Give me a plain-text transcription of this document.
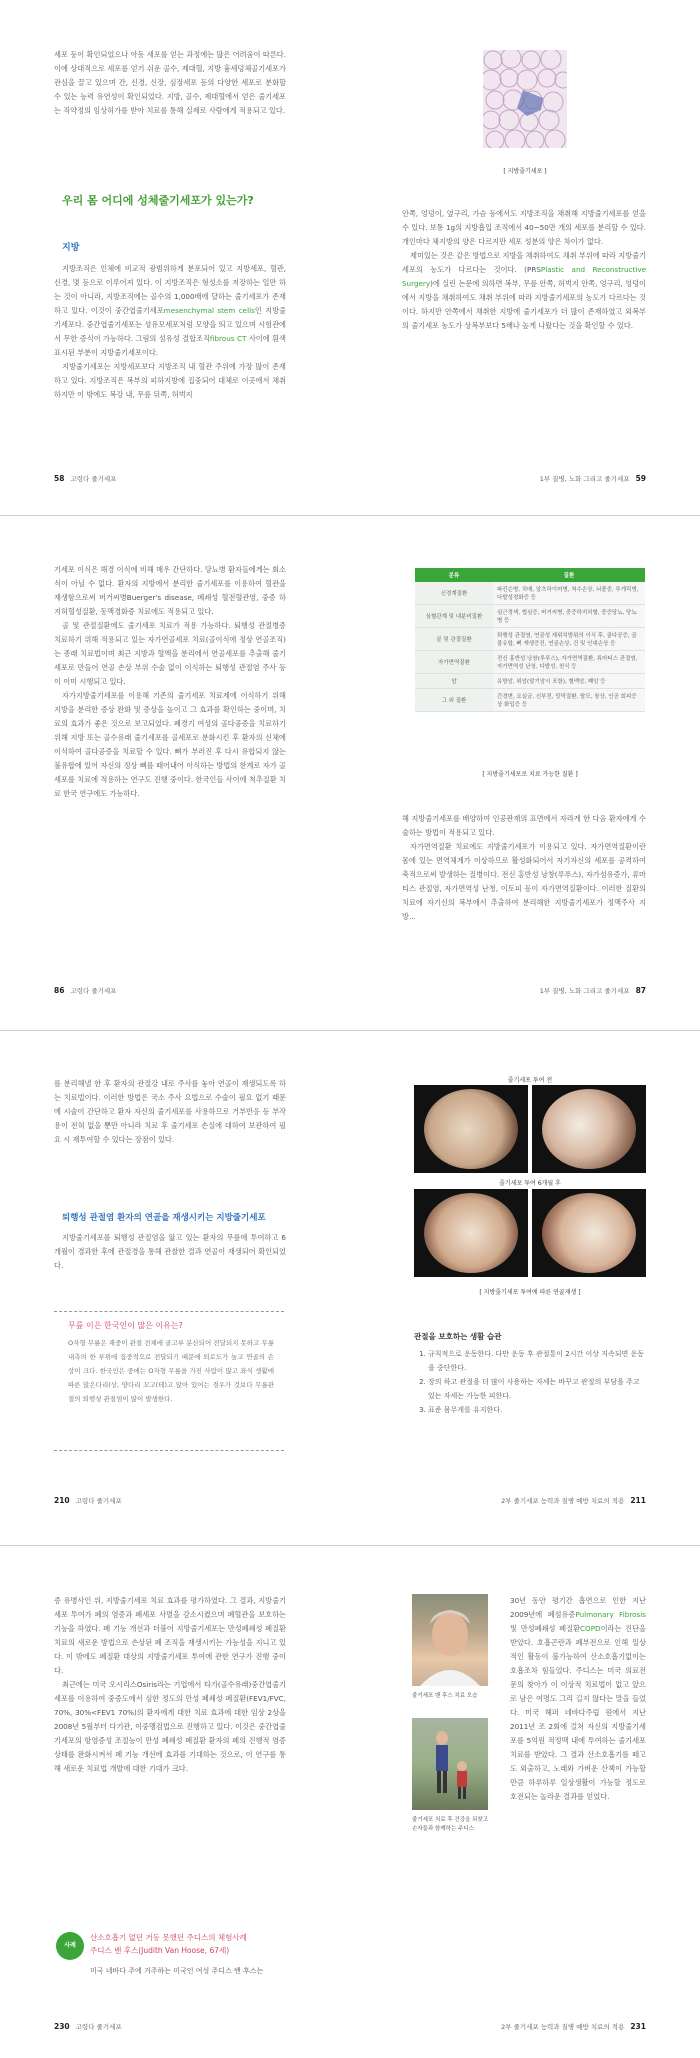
세포 등이 확인되었으나 아동 세포를 얻는 과정에는 많은 어려움이 따른다. 이에 상대적으로 세포를 얻기 쉬운 골수, 제대혈, 지방 흉세덩체골기세포가 관심을 끌고 있으며 간, 신경, 신장, 심장세포 등의 다양한 세포로 분화할 수 있는 능력 유연성이 확인되었다. 지방, 골수, 제대혈에서 얻은 줄기세포는 직약정의 임상허가를 받아 치료를 통해 실제로 사람에게 적용되고 있다.

우리 몸 어디에 성체줄기세포가 있는가?
지방

지방조직은 인체에 비교적 광범위하게 분포되어 있고 지방세포, 혈관, 신경, 몇 등으로 이루어져 있다. 이 지방조직은 형성소를 저장하는 일만 하는 것이 아니라, 지방조직에는 골수의 1,000배에 달하는 줄기세포가 존재하고 있다. 이것이 중간엽줄기세포mesenchymal stem cells인 지방줄기세포다. 중간엽줄기세포는 성유모세포처럼 모양을 띄고 있으며 시험관에서 무한 증식이 가능하다. 그림의 섬유성 결합조직fibrous CT 사이에 흰색 표시된 부분이 지방줄기세포이다.

지방줄기세포는 지방세포보다 지방조직 내 혈관 주위에 가장 많이 존재하고 있다. 지방조직은 복부의 피하지방에 집중되어 대체로 이곳에서 채취하지만 이 밖에도 복강 내, 무릎 뒤쪽, 허벅지

[ 지방줄기세포 ]

안쪽, 엉덩이, 옆구리, 가슴 등에서도 지방조직을 채취해 지방줄기세포를 얻을 수 있다. 보통 1g의 지방흡입 조직에서 40~50만 개의 세포를 분리할 수 있다. 개인마다 체지방의 양은 다르지만 세포 성분의 양은 차이가 없다.

제미있는 것은 같은 방법으로 지방을 채취하여도 채취 부위에 따라 지방줄기세포의 농도가 다르다는 것이다. (PRSPlastic and Reconstructive Surgery)에 실린 논문에 의하면 복부, 무릎 안쪽, 허벅지 안쪽, 엉구리, 엉덩이에서 지방을 채취하여도 채취 부위에 따라 지방줄기세포의 농도가 다르다는 것이다. 하지만 안쪽에서 채취한 지방에 줄기세포가 더 많이 존재하였고 외복부의 줄기세포 농도가 상복부보다 5배나 높게 나왔다는 것을 확인할 수 있다.

58 고령다 줄기세포	1부 질병, 노화 그리고 줄기세포 59

기세포 이식은 해경 이식에 비해 매우 간단하다. 당뇨병 환자들에게는 회소식이 아닐 수 없다. 환자의 지방에서 분리한 줄기세포를 이용하여 혈관을 재생함으로써 버거씨병Buerger's disease, 폐쇄성 혈전혈관염, 중증 하지허혈성질환, 동맥경화증 치료에도 적용되고 있다.

골 및 관절질환에도 줄기세포 치료가 적용 가능하다. 퇴행성 관절병증 치료하기 위해 적용되고 있는 자가연골세포 치료(골이식에 정상 연골조직)는 종래 치료법이며 최근 지방과 혈액을 분리에서 연골세포를 추출해 줄기세포로 만들어 연골 손상 부위 수술 없이 이식하는 퇴행성 관절염 주사 등이 이미 시행되고 있다.

자가지방줄기세포를 이용해 기존의 줄기세포 치료제에 이식하기 위해 지방을 분리한 증상 완화 및 증상을 높이고 그 효과를 확인하는 중이며, 치료의 효과가 좋은 것으로 보고되었다. 폐경기 여성의 골다공증을 치료하기 위해 지방 또는 골수유래 줄기세포를 골세포로 분화시킨 후 환자의 신체에 이식하여 골다공증을 치료할 수 있다. 뼈가 부러진 후 다시 유합되지 않는 불유합에 있어 자신의 정상 뼈를 떼어내어 이식하는 방법의 한계로 자가 골세포를 치료에 적용하는 연구도 진행 중이다. 한국인들 사이에 척추질환 치료 한국 연구에도 가능하다.

분류	질환
신경계질환	파킨슨병, 치매, 알츠하이머병, 척수손상, 뇌졸중, 루게릭병, 다발성경화증 등
심혈관계 및 내분비질환	심근경색, 협심증, 버거씨병, 중증하지허혈, 중증당뇨, 당뇨병 등
골 및 관절질환	퇴행성 관절염, 연골성 재위치범위의 이식 후, 골다공증, 골 불유합, 뼈 재생증진, 연골손상, 건 및 인대손상 등
자가면역질환	전신 홍반성 낭창(루푸스), 자가면역질환, 류마티스 관절염, 자가면역성 난청, 다발성, 천식 등
암	유방암, 위암(말기암시 포함), 혈액암, 폐암 등
그 외 질환	간경변, 요실금, 신부전, 망막질환, 탈모, 창상, 인공 회피증상 화입증 등
[ 지방줄기세포로 치료 가능한 질환 ]

해 지방줄기세포를 배양하여 인공판재의 표면에서 자라게 한 다음 환자에게 수술하는 방법이 적용되고 있다.

자가면역질환 치료에도 지방줄기세포가 이용되고 있다. 자가면역질환이란 몸에 있는 면역체계가 이상하므로 활성화되어서 자기자신의 세포를 공격하여 축적으로써 발생하는 질병이다. 전신 홍반성 낭창(루푸스), 자가섬유증가, 류마티스 관절염, 자가면역성 난청, 이토피 등이 자가면역질환이다. 이러한 질환의 치료에 자기신의 복부에서 추출하여 분리해한 지방줄기세포가 정맥주사 지방...

86 고령다 줄기세포	1부 질병, 노화 그리고 줄기세포 87

를 분리해낼 한 후 환자의 관절강 내로 주사를 놓아 연골이 재생되도록 하는 치료법이다. 이러한 방법은 국소 주사 요법으로 수술이 필요 없기 때문에 시술이 간단하고 환자 자신의 줄기세포를 사용하므로 거부반응 등 부작용이 전혀 없을 뿐만 아니라 치료 후 줄기세포 손실에 대하여 보관하여 필요 시 재투여할 수 있다는 장점이 있다.

퇴행성 관절염 환자의 연골을 재생시키는 지방줄기세포

지방줄기세포를 퇴행성 관절염을 앓고 있는 환자의 무릎에 투여하고 6개월이 경과한 후에 관절경을 통해 관찰한 결과 연골이 재생되어 확인되었다.

무릎 이은 한국인이 많은 이유는?
O자형 무릎은 재중이 관절 전체에 골고루 분산되어 전달되지 못하고 무릎 내측의 한 부위에 집중적으로 전달되기 때문에 퇴로도가 높고 연골의 손상이 크다. 한국인은 중에는 O자형 무릎을 가진 사람이 많고 좌식 생활에 따른 앉은다리(상, 양다리 꼬고(테)고 앉아 있어는 경우가 것보다 무릎관절의 퇴행성 관절염이 많이 발생한다.
줄기세포 투여 전
줄기세포 투여 6개월 후
[ 지방줄기세포 투여에 따른 연골재생 ]
관절을 보호하는 생활 습관
1. 규칙적으로 운동한다. 다만 운동 후 관절통이 2시간 이상 지속되면 운동을 중단한다.
2. 장의 하고 관절을 더 많이 사용하는 자세는 바꾸고 관절의 부담을 주고 있는 자세는 가능한 피한다.
3. 표준 몸무게를 유지한다.
210 고령다 줄기세포	2부 줄기세포 능력과 질병 예방 치료의 적용 211

증 유병사인 위, 지방줄기세포 치료 효과를 평가하였다. 그 결과, 지방줄기세포 투여가 폐의 염증과 폐세포 사멸을 감소시켰으며 폐혈관을 보호하는 기능을 하였다. 폐 기능 개선과 더불어 지방줄기세포는 만성폐쇄성 폐질환 치료의 새로운 방법으로 손상된 폐 조직을 재생시키는 가능성을 지니고 있다. 이 밖에도 폐질환 대상의 지방줄기세포 투여에 관한 연구가 진행 중이다.

최근에는 미국 오시리스Osiris라는 기업에서 타가(골수유래)중간엽줄기세포를 이용하여 중증도에서 심한 정도의 만성 폐쇄성 폐질환(FEV1/FVC, 70%, 30%<FEV1 70%)의 환자에게 대한 치료 효과에 대한 임상 2상을 2008년 5월부터 다기관, 이중맹검법으로 진행하고 있다. 이것은 중간엽줄기세포의 항염증성 조절능이 만성 폐쇄성 폐질환 환자의 폐의 진행적 염증 상태를 완화시켜서 폐 기능 개선에 효과를 기대하는 것으로, 이 연구를 통해 새로운 치료법 개발에 대한 기대가 크다.

사례
산소호흡기 없던 거동 못했던 주디스의 체험사례
주디스 밴 후스(Judith Van Hoose, 67세)
미국 네바다 주에 거주하는 미국인 여성 주디스 밴 후스는
줄기세포 밴 후스 치료 모습
줄기세포 치료 후 건강을 되찾고 손자들과 함께하는 주디스

30년 동안 평기간 흡연으로 인한 지난 2009년에 폐섬유증Pulmonary Fibrosis 및 만성폐쇄성 폐질환COPD이라는 진단을 받았다. 호흡곤란과 폐부전으로 인해 일상적인 활동이 불가능하여 산소호흡기없이는 호흡조차 힘들었다. 주디스는 미국 의료전문의 찾아가 이 이상적 치료법이 없고 앞으로 남은 여명도 그리 길지 않다는 말을 들었다. 미국 헤퍼 네바다주립 원에서 지난 2011년 조 2회에 걸쳐 자신의 지방줄기세포를 5억원 적정맥 내에 투여하는 줄기세포 치료를 받았다. 그 결과 산소호흡기를 떼고도 외출하고, 노래와 가벼운 산책이 가능할 만큼 하루하루 일상생활이 가능할 정도로 호전되는 놀라운 결과를 얻었다.

230 고령다 줄기세포	2부 줄기세포 능력과 질병 예방 치료의 적용 231
